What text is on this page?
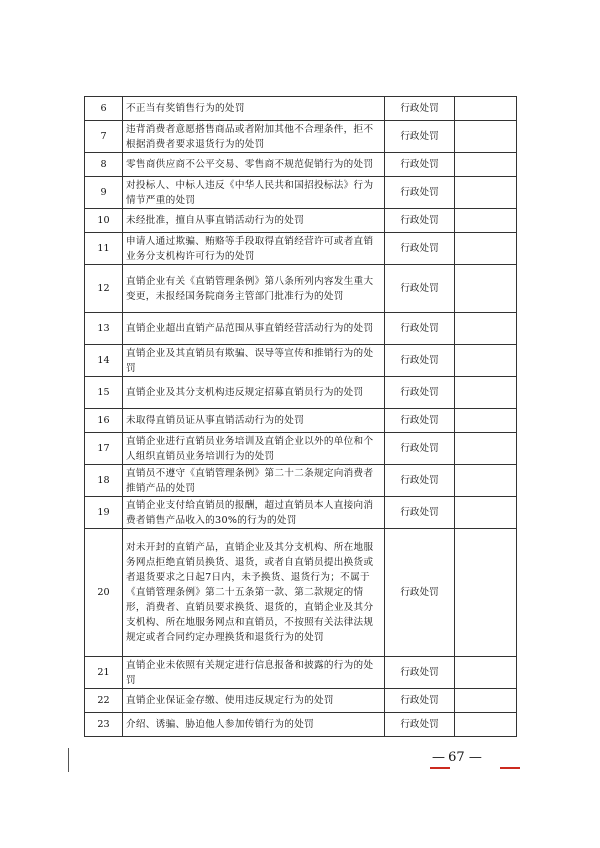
6	不正当有奖销售行为的处罚	行政处罚	
7	违背消费者意愿搭售商品或者附加其他不合理条件，拒不根据消费者要求退货行为的处罚	行政处罚	
8	零售商供应商不公平交易、零售商不规范促销行为的处罚	行政处罚	
9	对投标人、中标人违反《中华人民共和国招投标法》行为情节严重的处罚	行政处罚	
10	未经批准，擅自从事直销活动行为的处罚	行政处罚	
11	申请人通过欺骗、贿赂等手段取得直销经营许可或者直销业务分支机构许可行为的处罚	行政处罚	
12	直销企业有关《直销管理条例》第八条所列内容发生重大变更，未报经国务院商务主管部门批准行为的处罚	行政处罚	
13	直销企业超出直销产品范围从事直销经营活动行为的处罚	行政处罚	
14	直销企业及其直销员有欺骗、误导等宣传和推销行为的处罚	行政处罚	
15	直销企业及其分支机构违反规定招募直销员行为的处罚	行政处罚	
16	未取得直销员证从事直销活动行为的处罚	行政处罚	
17	直销企业进行直销员业务培训及直销企业以外的单位和个人组织直销员业务培训行为的处罚	行政处罚	
18	直销员不遵守《直销管理条例》第二十二条规定向消费者推销产品的处罚	行政处罚	
19	直销企业支付给直销员的报酬，超过直销员本人直接向消费者销售产品收入的30%的行为的处罚	行政处罚	
20	对未开封的直销产品，直销企业及其分支机构、所在地服务网点拒绝直销员换货、退货，或者自直销员提出换货或者退货要求之日起7日内，未予换货、退货行为；不属于《直销管理条例》第二十五条第一款、第二款规定的情形，消费者、直销员要求换货、退货的，直销企业及其分支机构、所在地服务网点和直销员，不按照有关法律法规规定或者合同约定办理换货和退货行为的处罚	行政处罚	
21	直销企业未依照有关规定进行信息报备和披露的行为的处罚	行政处罚	
22	直销企业保证金存缴、使用违反规定行为的处罚	行政处罚	
23	介绍、诱骗、胁迫他人参加传销行为的处罚	行政处罚	
— 67 —
